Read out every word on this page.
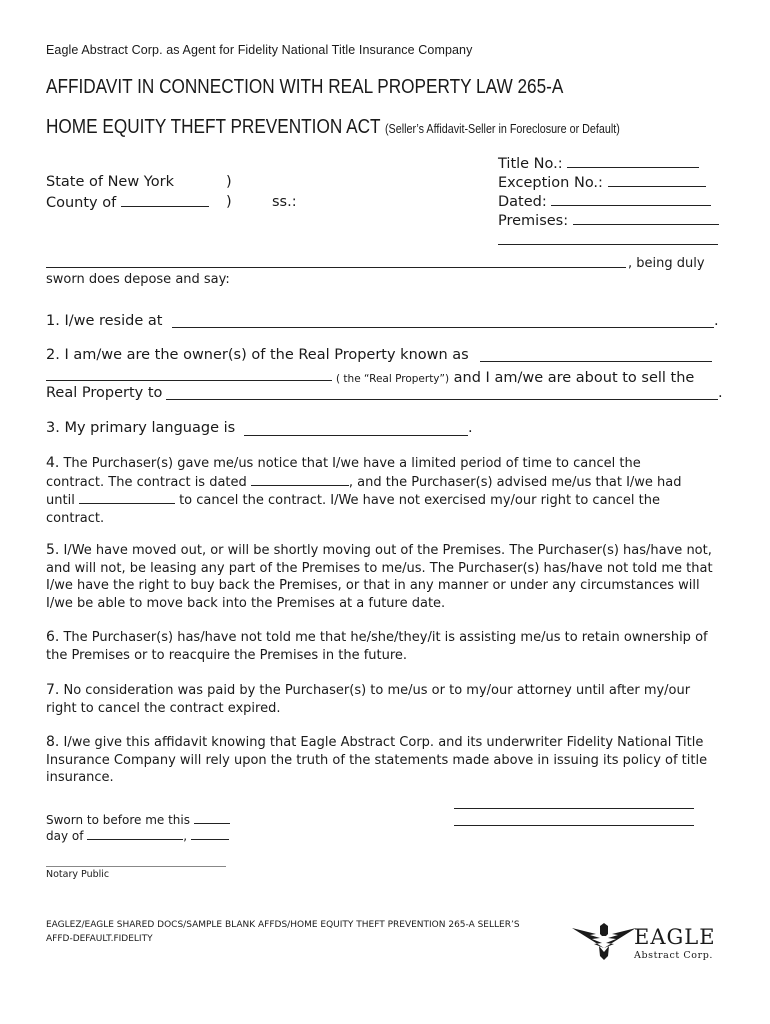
Eagle Abstract Corp. as Agent for Fidelity National Title Insurance Company
AFFIDAVIT IN CONNECTION WITH REAL PROPERTY LAW 265-A
HOME EQUITY THEFT PREVENTION ACT (Seller’s Affidavit-Seller in Foreclosure or Default)
State of New York	)
County of	)	ss.:
Title No.:
Exception No.:
Dated:
Premises:
, being duly
sworn does depose and say:
1. I/we reside at	.
2. I am/we are the owner(s) of the Real Property known as
( the “Real Property”) and I am/we are about to sell the
Real Property to	.
3. My primary language is	.
4. The Purchaser(s) gave me/us notice that I/we have a limited period of time to cancel the
contract. The contract is dated	, and the Purchaser(s) advised me/us that I/we had
until	to cancel the contract. I/We have not exercised my/our right to cancel the
contract.
5. I/We have moved out, or will be shortly moving out of the Premises. The Purchaser(s) has/have not, and will not, be leasing any part of the Premises to me/us. The Purchaser(s) has/have not told me that I/we have the right to buy back the Premises, or that in any manner or under any circumstances will I/we be able to move back into the Premises at a future date.
6. The Purchaser(s) has/have not told me that he/she/they/it is assisting me/us to retain ownership of the Premises or to reacquire the Premises in the future.
7. No consideration was paid by the Purchaser(s) to me/us or to my/our attorney until after my/our right to cancel the contract expired.
8. I/we give this affidavit knowing that Eagle Abstract Corp. and its underwriter Fidelity National Title Insurance Company will rely upon the truth of the statements made above in issuing its policy of title insurance.
Sworn to before me this
day of	,
Notary Public
EAGLEZ/EAGLE SHARED DOCS/SAMPLE BLANK AFFDS/HOME EQUITY THEFT PREVENTION 265-A SELLER’S
AFFD-DEFAULT.FIDELITY	EAGLE
Abstract Corp.
